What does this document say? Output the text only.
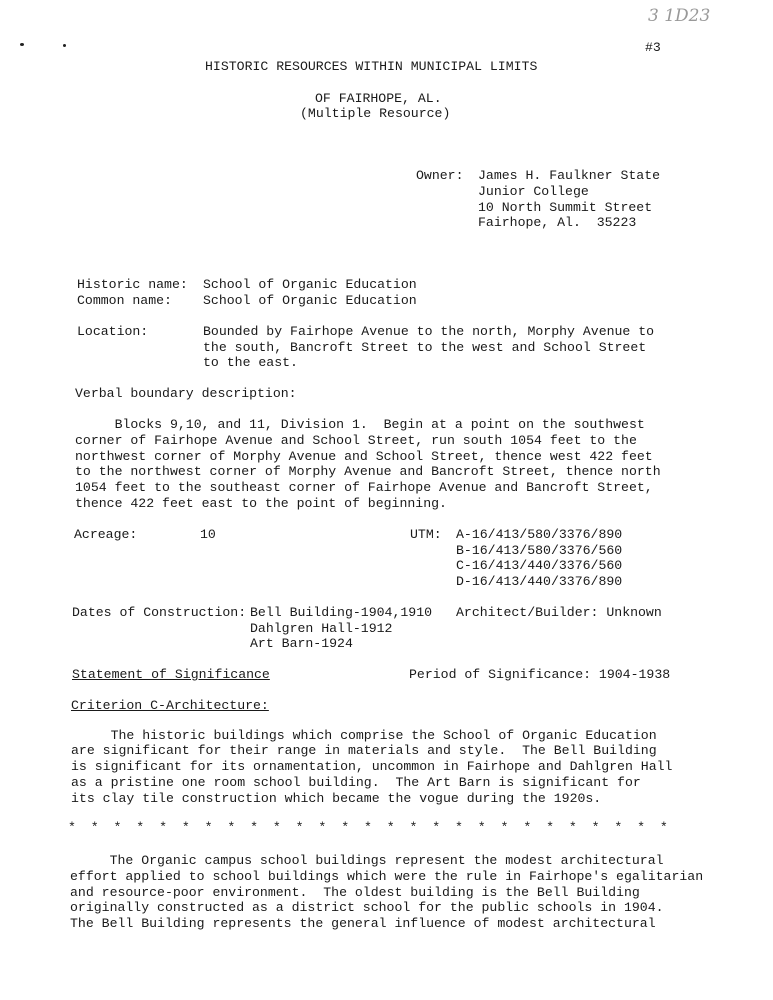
3 1D23
#3
HISTORIC RESOURCES WITHIN MUNICIPAL LIMITS
OF FAIRHOPE, AL.
(Multiple Resource)
Owner: James H. Faulkner State
Junior College
10 North Summit Street
Fairhope, Al.  35223
Historic name: School of Organic Education
Common name: School of Organic Education
Location:	Bounded by Fairhope Avenue to the north, Morphy Avenue to
the south, Bancroft Street to the west and School Street
to the east.
Verbal boundary description:
Blocks 9,10, and 11, Division 1.  Begin at a point on the southwest
corner of Fairhope Avenue and School Street, run south 1054 feet to the
northwest corner of Morphy Avenue and School Street, thence west 422 feet
to the northwest corner of Morphy Avenue and Bancroft Street, thence north
1054 feet to the southeast corner of Fairhope Avenue and Bancroft Street,
thence 422 feet east to the point of beginning.
Acreage:	10	UTM: A-16/413/580/3376/890
B-16/413/580/3376/560
C-16/413/440/3376/560
D-16/413/440/3376/890
Dates of Construction: Bell Building-1904,1910
Dahlgren Hall-1912
Art Barn-1924
Architect/Builder: Unknown
Statement of Significance	Period of Significance: 1904-1938
Criterion C-Architecture:
The historic buildings which comprise the School of Organic Education
are significant for their range in materials and style.  The Bell Building
is significant for its ornamentation, uncommon in Fairhope and Dahlgren Hall
as a pristine one room school building.  The Art Barn is significant for
its clay tile construction which became the vogue during the 1920s.
* * * * * * * * * * * * * * * * * * * * * * * * * * *
The Organic campus school buildings represent the modest architectural
effort applied to school buildings which were the rule in Fairhope's egalitarian
and resource-poor environment.  The oldest building is the Bell Building
originally constructed as a district school for the public schools in 1904.
The Bell Building represents the general influence of modest architectural
